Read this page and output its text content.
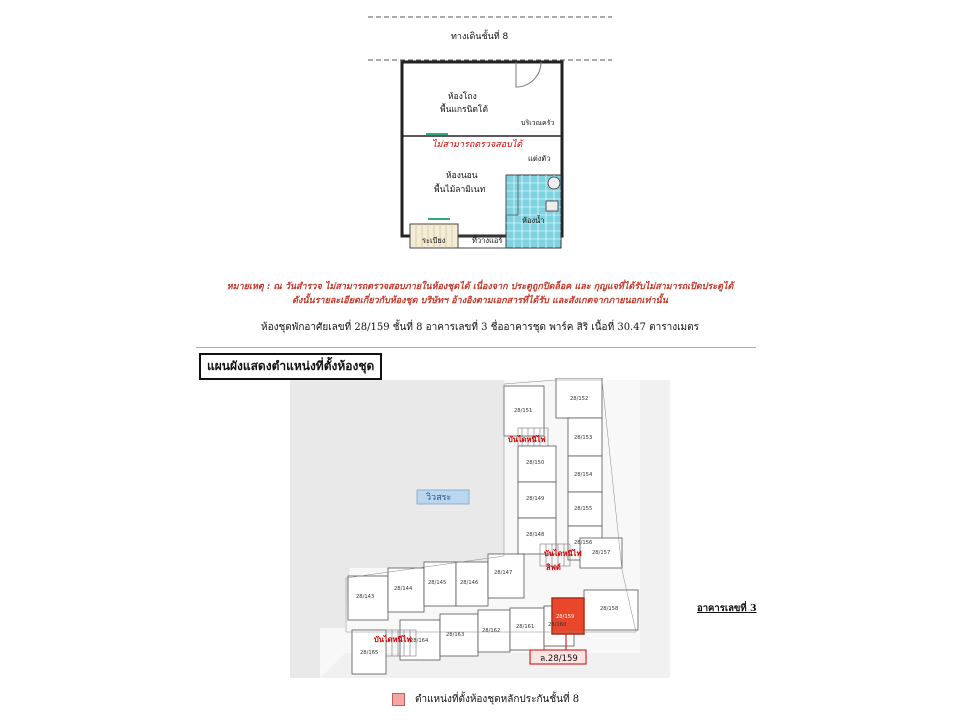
ทางเดินชั้นที่ 8
ห้องโถง
พื้นแกรนิตโต้
บริเวณครัว
ไม่สามารถตรวจสอบได้
แต่งตัว
ห้องนอน
พื้นไม้ลามิเนท
ห้องน้ำ
ระเบียง	ที่วางแอร์
หมายเหตุ : ณ วันสำรวจ ไม่สามารถตรวจสอบภายในห้องชุดได้ เนื่องจาก ประตูถูกปิดล็อค และ กุญแจที่ได้รับไม่สามารถเปิดประตูได้
ดังนั้นรายละเอียดเกี่ยวกับห้องชุด บริษัทฯ อ้างอิงตามเอกสารที่ได้รับ และสังเกตจากภายนอกเท่านั้น
ห้องชุดพักอาศัยเลขที่ 28/159 ชั้นที่ 8 อาคารเลขที่ 3 ชื่ออาคารชุด พาร์ค สิริ เนื้อที่ 30.47 ตารางเมตร
แผนผังแสดงตำแหน่งที่ตั้งห้องชุด
28/151
28/150
28/149
28/148
28/152
28/153
28/154
28/155
28/156
28/157
28/143
28/144
28/145	28/146
28/147
28/165
28/164
28/163
28/162
28/161	28/160
28/159
28/158
วิวสระ
บันไดหนีไฟ
บันไดหนีไฟ
ลิฟต์
บันไดหนีไฟ
ล.28/159
อาคารเลขที่ 3
ตำแหน่งที่ตั้งห้องชุดหลักประกันชั้นที่ 8
